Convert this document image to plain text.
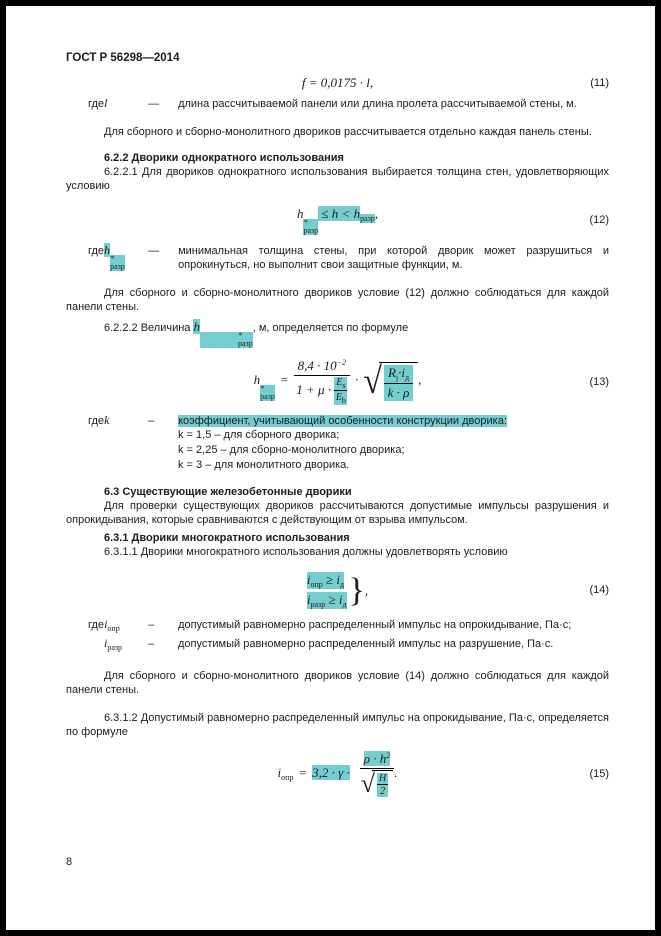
ГОСТ Р 56298—2014
f = 0,0175 · l,	(11)
где l	—	длина рассчитываемой панели или длина пролета рассчитываемой стены, м.

Для сборного и сборно-монолитного двориков рассчитывается отдельно каждая панель стены.

6.2.2 Дворики однократного использования

6.2.2.1 Для двориков однократного использования выбирается толщина стен, удовлетворяющих условию

h
*
разр
≤ $h < h_{разр}$,	(12)
где h
*
разр
—	минимальная толщина стены, при которой дворик может разрушиться и опрокинуться, но выполнит свои защитные функции, м.

Для сборного и сборно-монолитного двориков условие (12) должно соблюдаться для каждой панели стены.

6.2.2.2 Величина h
*
разр
, м, определяется по формуле

h
*
разр
= $\frac{8,4 \cdot 10^{-2}}{1 + \mu \cdot \frac{E_s}{E_b}}$ · √ $\frac{R_j\cdot i_д}{k \cdot \rho}$ ,	(13)
где k	–	коэффициент, учитывающий особенности конструкции дворика:
k = 1,5 – для сборного дворика;
k = 2,25 – для сборно-монолитного дворика;
k = 3 – для монолитного дворика.
6.3 Существующие железобетонные дворики

Для проверки существующих двориков рассчитываются допустимые импульсы разрушения и опрокидывания, которые сравниваются с действующим от взрыва импульсом.

6.3.1 Дворики многократного использования

6.3.1.1 Дворики многократного использования должны удовлетворять условию

$i_{опр} \ge i_д$
$i_{разр} \ge i_д$ } ,	(14)
где $i_{опр}$	–	допустимый равномерно распределенный импульс на опрокидывание, Па·с;
$i_{разр}$	–	допустимый равномерно распределенный импульс на разрушение, Па·с.

Для сборного и сборно-монолитного двориков условие (14) должно соблюдаться для каждой панели стены.

6.3.1.2 Допустимый равномерно распределенный импульс на опрокидывание, Па·с, определяется по формуле

$i_{опр} = 3,2 \cdot \gamma \cdot \frac{\rho \cdot h^2}{√ \frac{H}{2}}$ .	(15)
8
